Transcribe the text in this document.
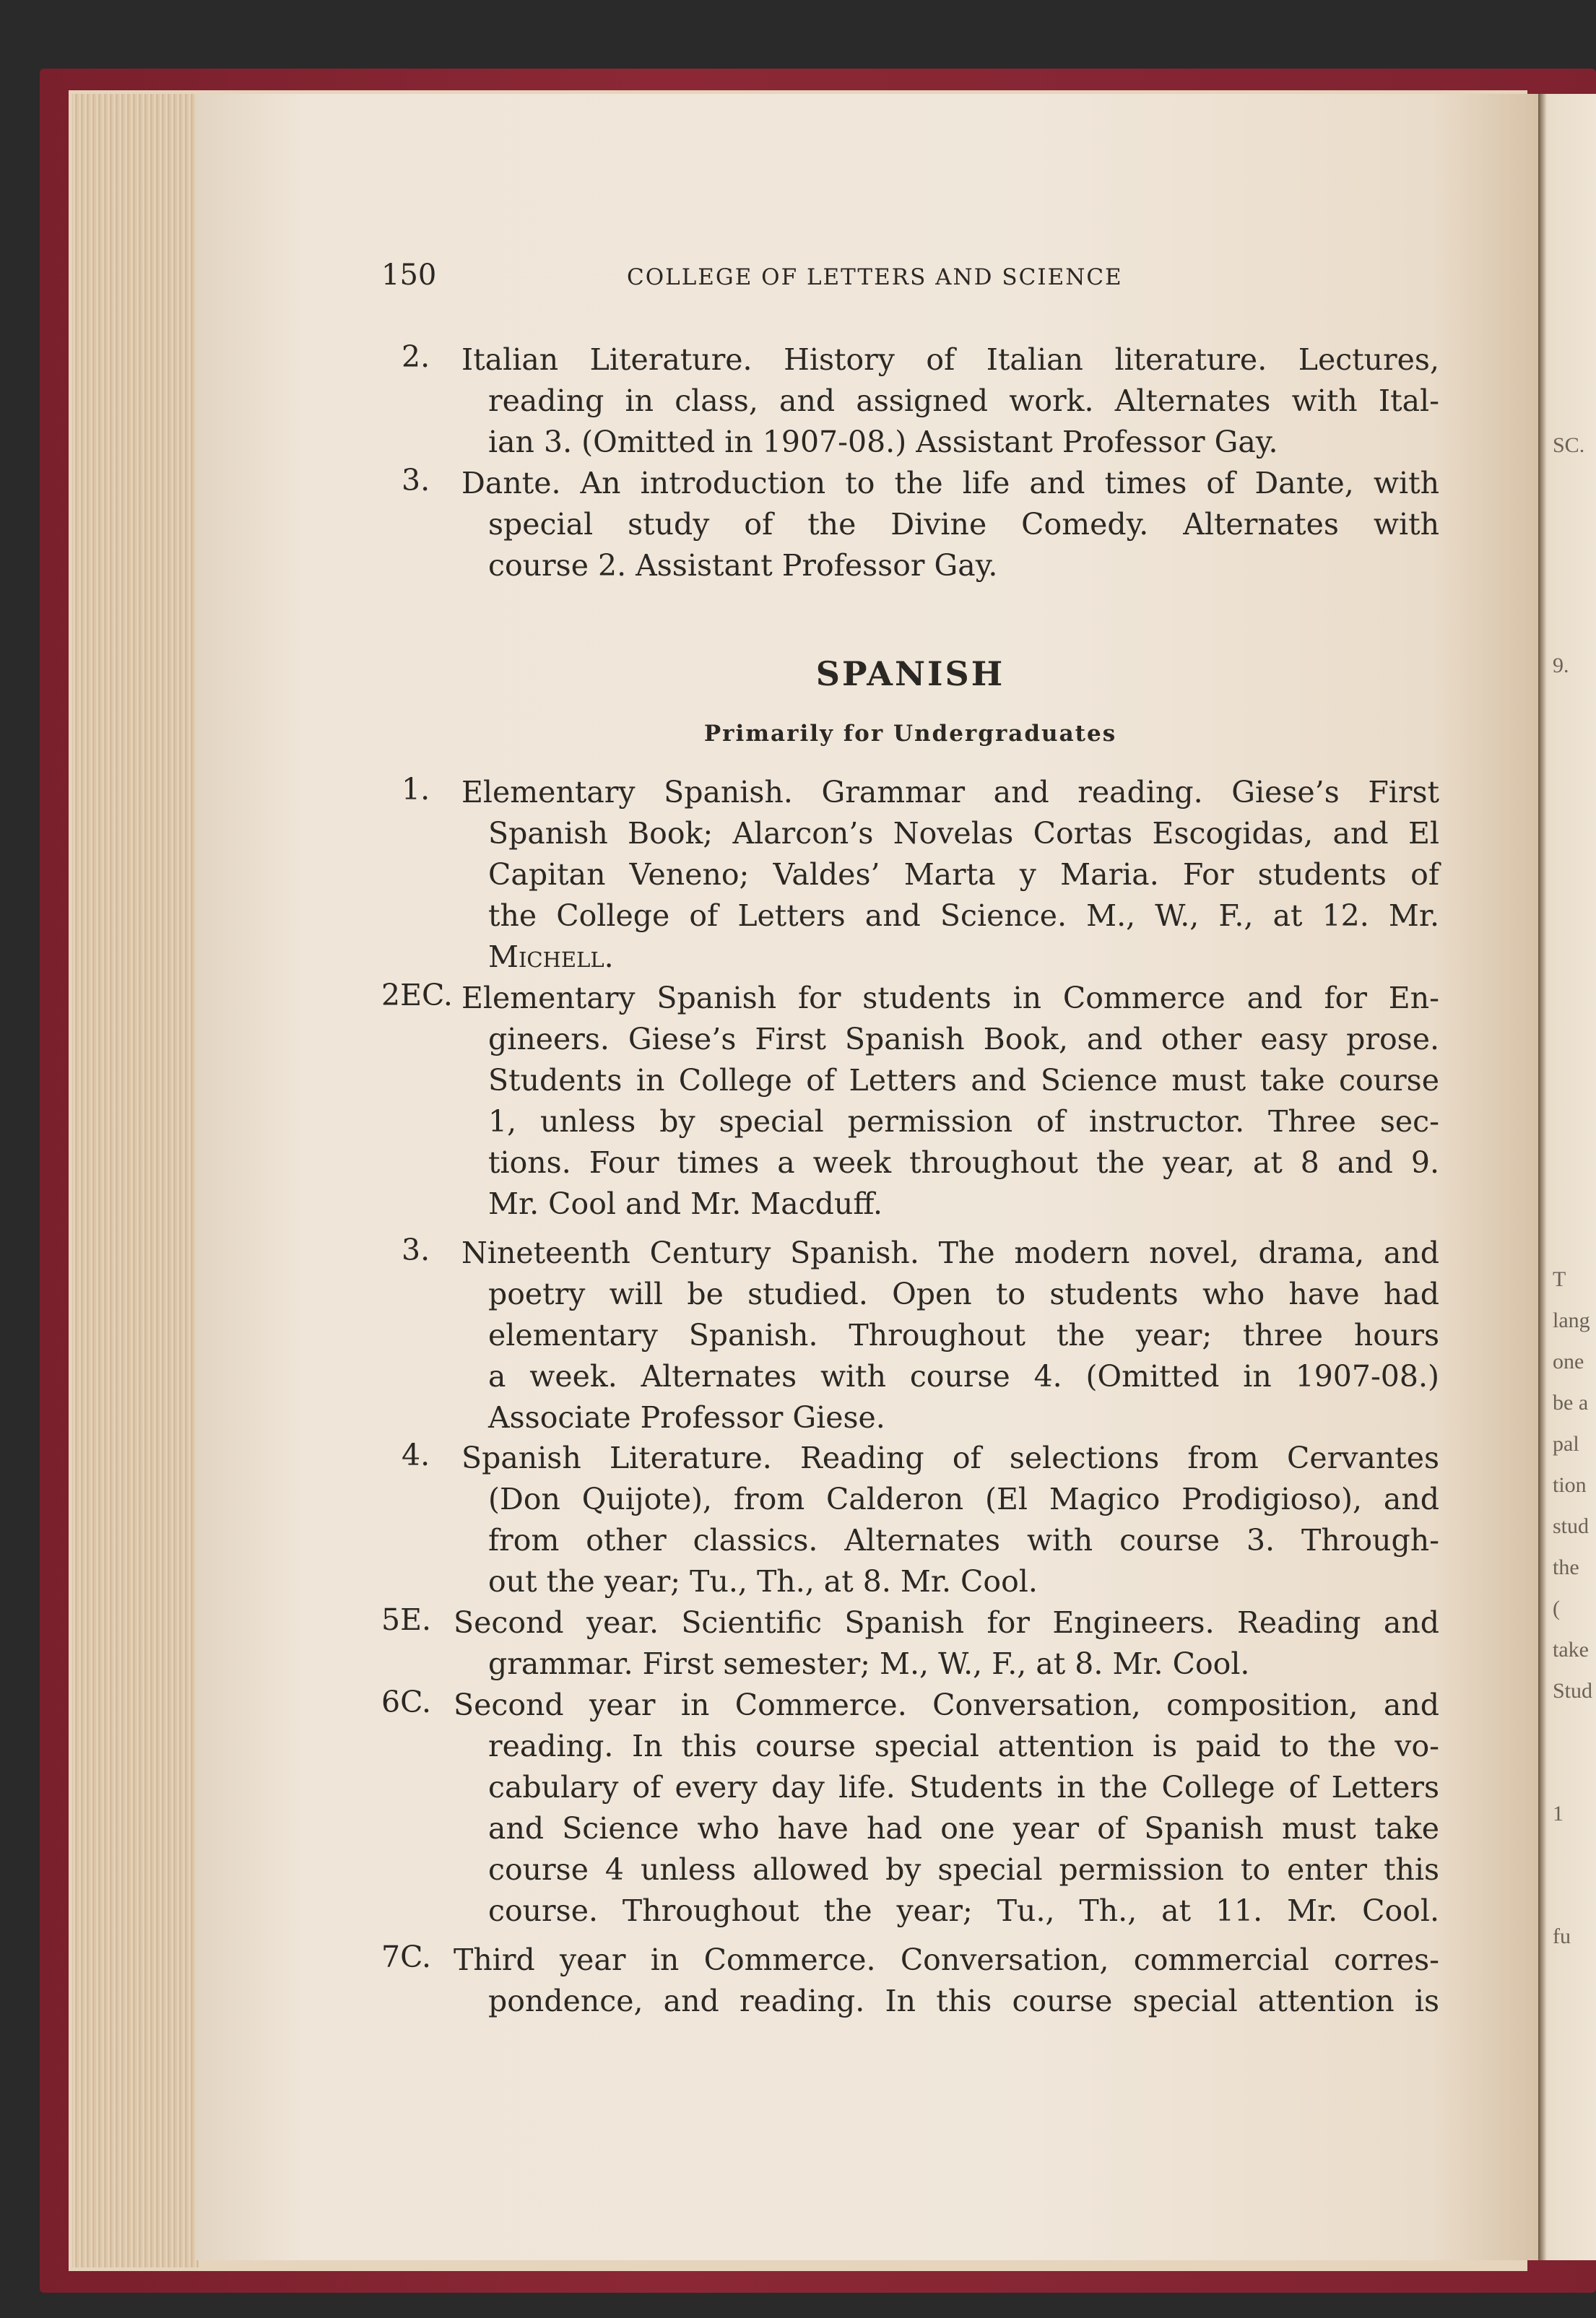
SC.
9.
T
lang
one
be a
pal
tion
stud
the
(
take
Stud
1
fu
150	COLLEGE OF LETTERS AND SCIENCE
2. Italian Literature. History of Italian literature. Lectures,
reading in class, and assigned work. Alternates with Ital-
ian 3. (Omitted in 1907-08.) Assistant Professor Gay.
3. Dante. An introduction to the life and times of Dante, with
special study of the Divine Comedy. Alternates with
course 2. Assistant Professor Gay.
SPANISH
Primarily for Undergraduates
1. Elementary Spanish. Grammar and reading. Giese’s First
Spanish Book; Alarcon’s Novelas Cortas Escogidas, and El
Capitan Veneno; Valdes’ Marta y Maria. For students of
the College of Letters and Science. M., W., F., at 12. Mr.
Michell.
2EC. Elementary Spanish for students in Commerce and for En-
gineers. Giese’s First Spanish Book, and other easy prose.
Students in College of Letters and Science must take course
1, unless by special permission of instructor. Three sec-
tions. Four times a week throughout the year, at 8 and 9.
Mr. Cool and Mr. Macduff.
3. Nineteenth Century Spanish. The modern novel, drama, and
poetry will be studied. Open to students who have had
elementary Spanish. Throughout the year; three hours
a week. Alternates with course 4. (Omitted in 1907-08.)
Associate Professor Giese.
4. Spanish Literature. Reading of selections from Cervantes
(Don Quijote), from Calderon (El Magico Prodigioso), and
from other classics. Alternates with course 3. Through-
out the year; Tu., Th., at 8. Mr. Cool.
5E. Second year. Scientific Spanish for Engineers. Reading and
grammar. First semester; M., W., F., at 8. Mr. Cool.
6C. Second year in Commerce. Conversation, composition, and
reading. In this course special attention is paid to the vo-
cabulary of every day life. Students in the College of Letters
and Science who have had one year of Spanish must take
course 4 unless allowed by special permission to enter this
course. Throughout the year; Tu., Th., at 11. Mr. Cool.
7C. Third year in Commerce. Conversation, commercial corres-
pondence, and reading. In this course special attention is
